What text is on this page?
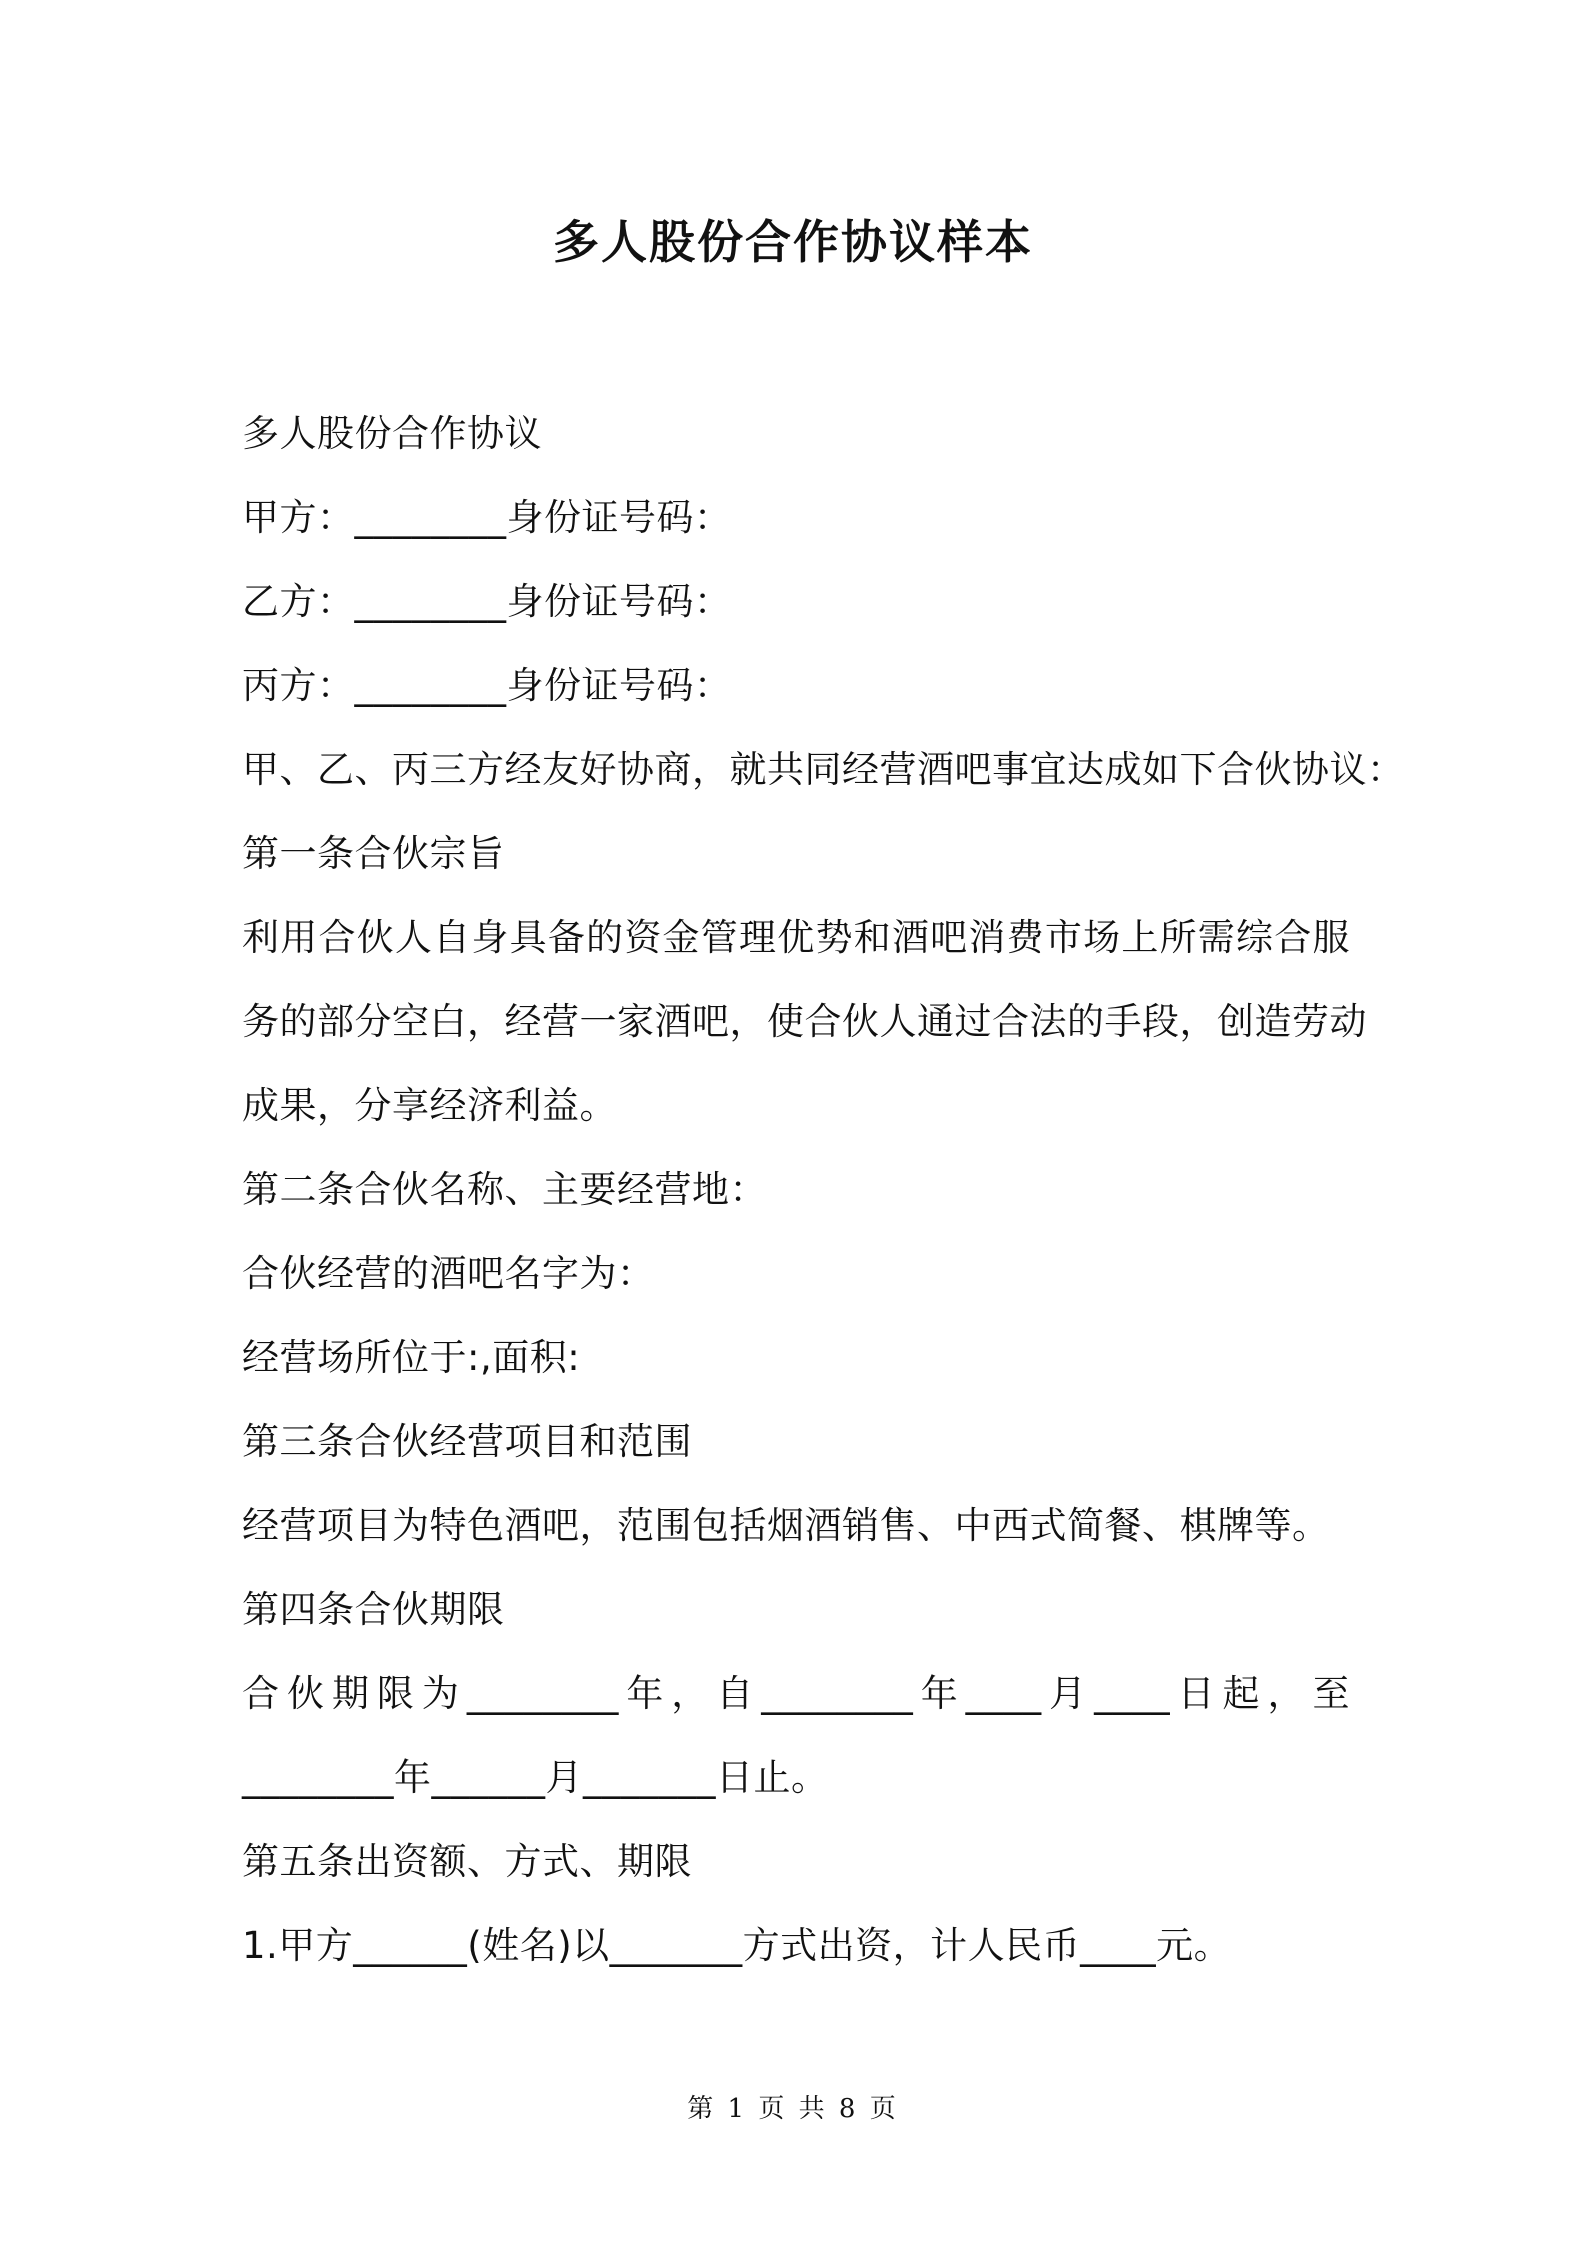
多人股份合作协议样本
多人股份合作协议
甲方：________身份证号码：
乙方：________身份证号码：
丙方：________身份证号码：
甲、乙、丙三方经友好协商，就共同经营酒吧事宜达成如下合伙协议：
第一条合伙宗旨
利用合伙人自身具备的资金管理优势和酒吧消费市场上所需综合服
务的部分空白，经营一家酒吧，使合伙人通过合法的手段，创造劳动
成果，分享经济利益。
第二条合伙名称、主要经营地：
合伙经营的酒吧名字为：
经营场所位于:,面积:
第三条合伙经营项目和范围
经营项目为特色酒吧，范围包括烟酒销售、中西式简餐、棋牌等。
第四条合伙期限
合伙期限为________年，自________年____月____日起，至
________年______月_______日止。
第五条出资额、方式、期限
1.甲方______(姓名)以_______方式出资，计人民币____元。
第 1 页 共 8 页
